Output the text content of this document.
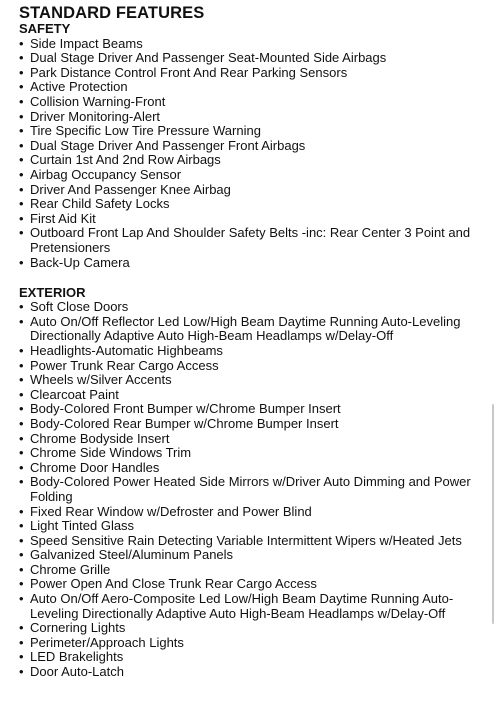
STANDARD FEATURES
SAFETY
• Side Impact Beams
• Dual Stage Driver And Passenger Seat-Mounted Side Airbags
• Park Distance Control Front And Rear Parking Sensors
• Active Protection
• Collision Warning-Front
• Driver Monitoring-Alert
• Tire Specific Low Tire Pressure Warning
• Dual Stage Driver And Passenger Front Airbags
• Curtain 1st And 2nd Row Airbags
• Airbag Occupancy Sensor
• Driver And Passenger Knee Airbag
• Rear Child Safety Locks
• First Aid Kit
• Outboard Front Lap And Shoulder Safety Belts -inc: Rear Center 3 Point and Pretensioners
• Back-Up Camera
EXTERIOR
• Soft Close Doors
• Auto On/Off Reflector Led Low/High Beam Daytime Running Auto-Leveling Directionally Adaptive Auto High-Beam Headlamps w/Delay-Off
• Headlights-Automatic Highbeams
• Power Trunk Rear Cargo Access
• Wheels w/Silver Accents
• Clearcoat Paint
• Body-Colored Front Bumper w/Chrome Bumper Insert
• Body-Colored Rear Bumper w/Chrome Bumper Insert
• Chrome Bodyside Insert
• Chrome Side Windows Trim
• Chrome Door Handles
• Body-Colored Power Heated Side Mirrors w/Driver Auto Dimming and Power Folding
• Fixed Rear Window w/Defroster and Power Blind
• Light Tinted Glass
• Speed Sensitive Rain Detecting Variable Intermittent Wipers w/Heated Jets
• Galvanized Steel/Aluminum Panels
• Chrome Grille
• Power Open And Close Trunk Rear Cargo Access
• Auto On/Off Aero-Composite Led Low/High Beam Daytime Running Auto-Leveling Directionally Adaptive Auto High-Beam Headlamps w/Delay-Off
• Cornering Lights
• Perimeter/Approach Lights
• LED Brakelights
• Door Auto-Latch
